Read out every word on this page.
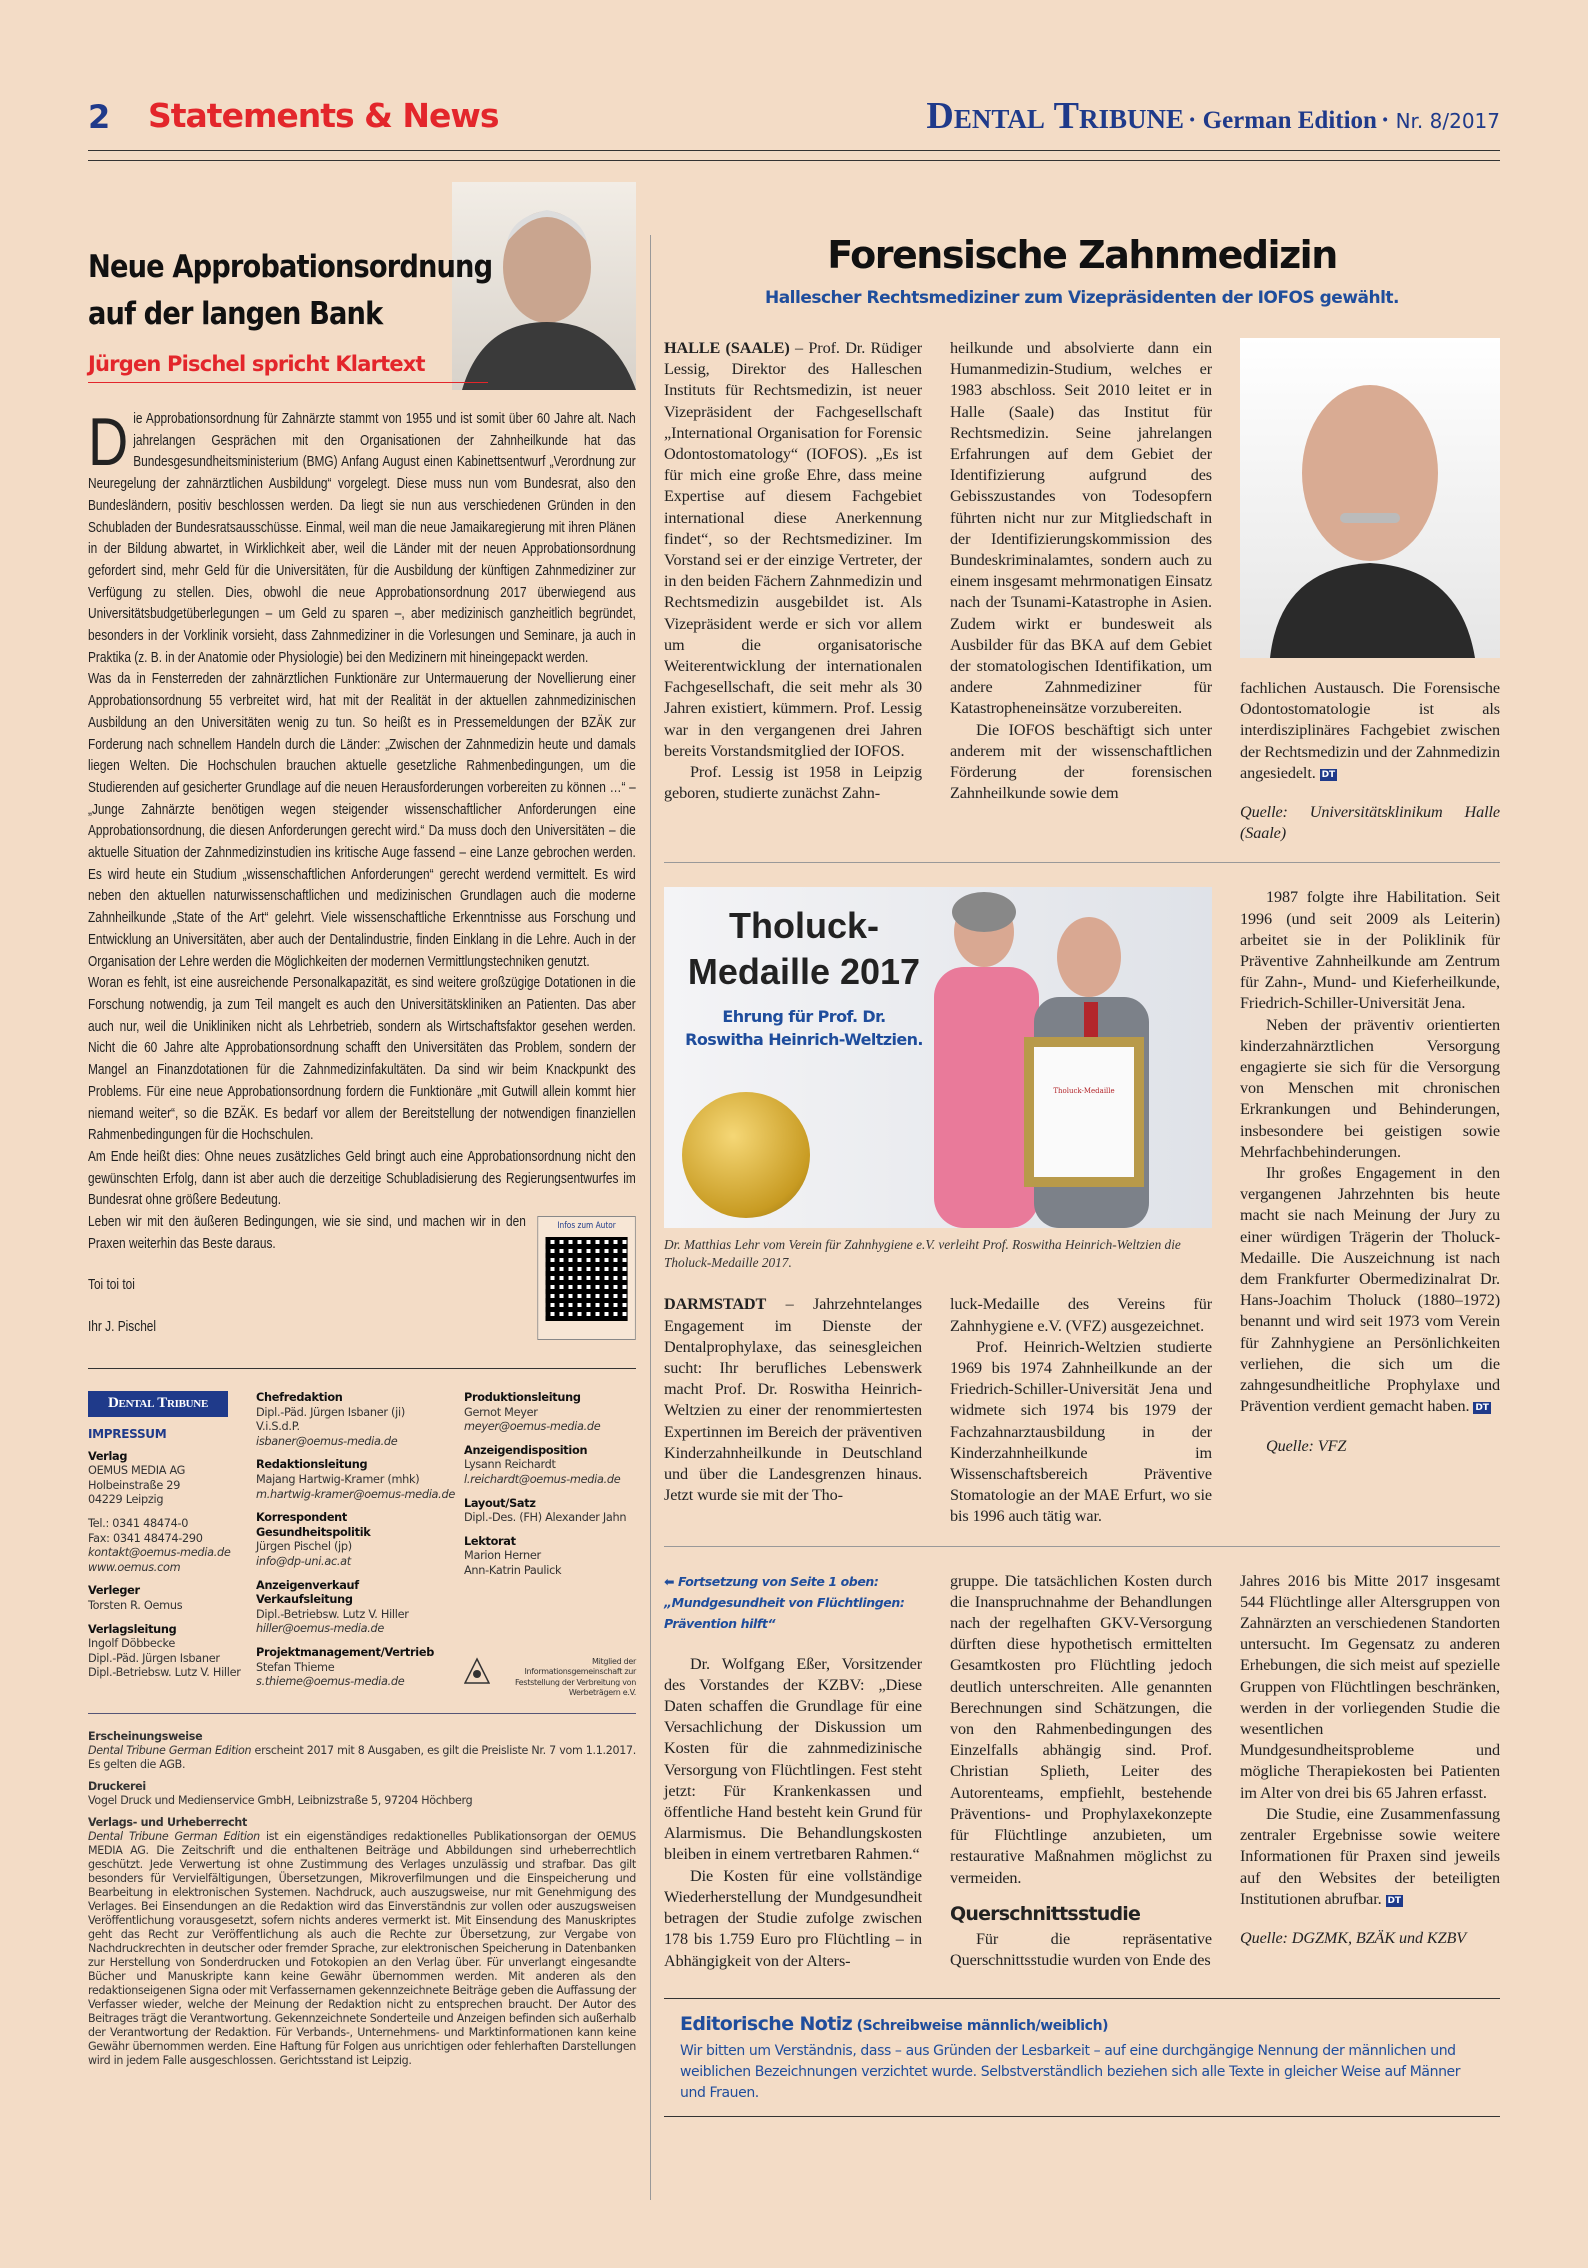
2 Statements & News	Dental Tribune · German Edition · Nr. 8/2017
Neue Approbationsordnung
auf der langen Bank
Jürgen Pischel spricht Klartext
D ie Approbationsordnung für Zahnärzte stammt von 1955 und ist somit über 60 Jahre alt. Nach jahrelangen Gesprächen mit den Organisationen der Zahnheilkunde hat das Bundesgesundheitsministerium (BMG) Anfang August einen Kabinettsentwurf „Verordnung zur Neuregelung der zahnärztlichen Ausbildung“ vorgelegt. Diese muss nun vom Bundesrat, also den Bundesländern, positiv beschlossen werden. Da liegt sie nun aus verschiedenen Gründen in den Schubladen der Bundesratsausschüsse. Einmal, weil man die neue Jamaikaregierung mit ihren Plänen in der Bildung abwartet, in Wirklichkeit aber, weil die Länder mit der neuen Approbationsordnung gefordert sind, mehr Geld für die Universitäten, für die Ausbildung der künftigen Zahnmediziner zur Verfügung zu stellen. Dies, obwohl die neue Approbationsordnung 2017 überwiegend aus Universitätsbudgetüberlegungen – um Geld zu sparen –, aber medizinisch ganzheitlich begründet, besonders in der Vorklinik vorsieht, dass Zahnmediziner in die Vorlesungen und Seminare, ja auch in Praktika (z. B. in der Anatomie oder Physiologie) bei den Medizinern mit hineingepackt werden.

Was da in Fensterreden der zahnärztlichen Funktionäre zur Untermauerung der Novellierung einer Approbationsordnung 55 verbreitet wird, hat mit der Realität in der aktuellen zahnmedizinischen Ausbildung an den Universitäten wenig zu tun. So heißt es in Pressemeldungen der BZÄK zur Forderung nach schnellem Handeln durch die Länder: „Zwischen der Zahnmedizin heute und damals liegen Welten. Die Hochschulen brauchen aktuelle gesetzliche Rahmenbedingungen, um die Studierenden auf gesicherter Grundlage auf die neuen Herausforderungen vorbereiten zu können …“ – „Junge Zahnärzte benötigen wegen steigender wissenschaftlicher Anforderungen eine Approbationsordnung, die diesen Anforderungen gerecht wird.“ Da muss doch den Universitäten – die aktuelle Situation der Zahnmedizinstudien ins kritische Auge fassend – eine Lanze gebrochen werden. Es wird heute ein Studium „wissenschaftlichen Anforderungen“ gerecht werdend vermittelt. Es wird neben den aktuellen naturwissenschaftlichen und medizinischen Grundlagen auch die moderne Zahnheilkunde „State of the Art“ gelehrt. Viele wissenschaftliche Erkenntnisse aus Forschung und Entwicklung an Universitäten, aber auch der Dentalindustrie, finden Einklang in die Lehre. Auch in der Organisation der Lehre werden die Möglichkeiten der modernen Vermittlungstechniken genutzt.

Woran es fehlt, ist eine ausreichende Personalkapazität, es sind weitere großzügige Dotationen in die Forschung notwendig, ja zum Teil mangelt es auch den Universitätskliniken an Patienten. Das aber auch nur, weil die Unikliniken nicht als Lehrbetrieb, sondern als Wirtschaftsfaktor gesehen werden. Nicht die 60 Jahre alte Approbationsordnung schafft den Universitäten das Problem, sondern der Mangel an Finanzdotationen für die Zahnmedizinfakultäten. Da sind wir beim Knackpunkt des Problems. Für eine neue Approbationsordnung fordern die Funktionäre „mit Gutwill allein kommt hier niemand weiter“, so die BZÄK. Es bedarf vor allem der Bereitstellung der notwendigen finanziellen Rahmenbedingungen für die Hochschulen.

Am Ende heißt dies: Ohne neues zusätzliches Geld bringt auch eine Approbationsordnung nicht den gewünschten Erfolg, dann ist aber auch die derzeitige Schubladisierung des Regierungsentwurfes im Bundesrat ohne größere Bedeutung.

Infos zum Autor

Leben wir mit den äußeren Bedingungen, wie sie sind, und machen wir in den Praxen weiterhin das Beste daraus.

Toi toi toi

Ihr J. Pischel

Dental Tribune
IMPRESSUM
Verlag
OEMUS MEDIA AG
Holbeinstraße 29
04229 Leipzig
Tel.: 0341 48474-0
Fax: 0341 48474-290
kontakt@oemus-media.de
www.oemus.com
Verleger
Torsten R. Oemus
Verlagsleitung
Ingolf Döbbecke
Dipl.-Päd. Jürgen Isbaner
Dipl.-Betriebsw. Lutz V. Hiller
Chefredaktion
Dipl.-Päd. Jürgen Isbaner (ji)
V.i.S.d.P.
isbaner@oemus-media.de
Redaktionsleitung
Majang Hartwig-Kramer (mhk)
m.hartwig-kramer@oemus-media.de
Korrespondent Gesundheitspolitik
Jürgen Pischel (jp)
info@dp-uni.ac.at
Anzeigenverkauf Verkaufsleitung
Dipl.-Betriebsw. Lutz V. Hiller
hiller@oemus-media.de
Projektmanagement/Vertrieb
Stefan Thieme
s.thieme@oemus-media.de
Produktionsleitung
Gernot Meyer
meyer@oemus-media.de
Anzeigendisposition
Lysann Reichardt
l.reichardt@oemus-media.de
Layout/Satz
Dipl.-Des. (FH) Alexander Jahn
Lektorat
Marion Herner
Ann-Katrin Paulick
Mitglied der Informationsgemeinschaft zur Feststellung der Verbreitung von Werbeträgern e.V.
Erscheinungsweise
Dental Tribune German Edition erscheint 2017 mit 8 Ausgaben, es gilt die Preisliste Nr. 7 vom 1.1.2017. Es gelten die AGB.
Druckerei
Vogel Druck und Medienservice GmbH, Leibnizstraße 5, 97204 Höchberg
Verlags- und Urheberrecht
Dental Tribune German Edition ist ein eigenständiges redaktionelles Publikationsorgan der OEMUS MEDIA AG. Die Zeitschrift und die enthaltenen Beiträge und Abbildungen sind urheberrechtlich geschützt. Jede Verwertung ist ohne Zustimmung des Verlages unzulässig und strafbar. Das gilt besonders für Vervielfältigungen, Übersetzungen, Mikroverfilmungen und die Einspeicherung und Bearbeitung in elektronischen Systemen. Nachdruck, auch auszugsweise, nur mit Genehmigung des Verlages. Bei Einsendungen an die Redaktion wird das Einverständnis zur vollen oder auszugsweisen Veröffentlichung vorausgesetzt, sofern nichts anderes vermerkt ist. Mit Einsendung des Manuskriptes geht das Recht zur Veröffentlichung als auch die Rechte zur Übersetzung, zur Vergabe von Nachdruckrechten in deutscher oder fremder Sprache, zur elektronischen Speicherung in Datenbanken zur Herstellung von Sonderdrucken und Fotokopien an den Verlag über. Für unverlangt eingesandte Bücher und Manuskripte kann keine Gewähr übernommen werden. Mit anderen als den redaktionseigenen Signa oder mit Verfassernamen gekennzeichnete Beiträge geben die Auffassung der Verfasser wieder, welche der Meinung der Redaktion nicht zu entsprechen braucht. Der Autor des Beitrages trägt die Verantwortung. Gekennzeichnete Sonderteile und Anzeigen befinden sich außerhalb der Verantwortung der Redaktion. Für Verbands-, Unternehmens- und Marktinformationen kann keine Gewähr übernommen werden. Eine Haftung für Folgen aus unrichtigen oder fehlerhaften Darstellungen wird in jedem Falle ausgeschlossen. Gerichtsstand ist Leipzig.
Forensische Zahnmedizin
Hallescher Rechtsmediziner zum Vizepräsidenten der IOFOS gewählt.

HALLE (SAALE) – Prof. Dr. Rüdiger Lessig, Direktor des Halleschen Instituts für Rechtsmedizin, ist neuer Vizepräsident der Fachgesellschaft „International Organisation for Forensic Odontostomatology“ (IOFOS). „Es ist für mich eine große Ehre, dass meine Expertise auf diesem Fachgebiet international diese Anerkennung findet“, so der Rechtsmediziner. Im Vorstand sei er der einzige Vertreter, der in den beiden Fächern Zahnmedizin und Rechtsmedizin ausgebildet ist. Als Vizepräsident werde er sich vor allem um die organisatorische Weiterentwicklung der internationalen Fachgesellschaft, die seit mehr als 30 Jahren existiert, kümmern. Prof. Lessig war in den vergangenen drei Jahren bereits Vorstandsmitglied der IOFOS.

Prof. Lessig ist 1958 in Leipzig geboren, studierte zunächst Zahn-

heilkunde und absolvierte dann ein Humanmedizin-Studium, welches er 1983 abschloss. Seit 2010 leitet er in Halle (Saale) das Institut für Rechtsmedizin. Seine jahrelangen Erfahrungen auf dem Gebiet der Identifizierung aufgrund des Gebisszustandes von Todesopfern führten nicht nur zur Mitgliedschaft in der Identifizierungskommission des Bundeskriminalamtes, sondern auch zu einem insgesamt mehrmonatigen Einsatz nach der Tsunami-Katastrophe in Asien. Zudem wirkt er bundesweit als Ausbilder für das BKA auf dem Gebiet der stomatologischen Identifikation, um andere Zahnmediziner für Katastropheneinsätze vorzubereiten.

Die IOFOS beschäftigt sich unter anderem mit der wissenschaftlichen Förderung der forensischen Zahnheilkunde sowie dem

fachlichen Austausch. Die Forensische Odontostomatologie ist als interdisziplinäres Fachgebiet zwischen der Rechtsmedizin und der Zahnmedizin angesiedelt. DT

Quelle: Universitätsklinikum Halle (Saale)

Tholuck-Medaille
Tholuck-
Medaille 2017
Ehrung für Prof. Dr.
Roswitha Heinrich-Weltzien.
Dr. Matthias Lehr vom Verein für Zahnhygiene e.V. verleiht Prof. Roswitha Heinrich-Weltzien die Tholuck-Medaille 2017.

DARMSTADT – Jahrzehntelanges Engagement im Dienste der Dentalprophylaxe, das seinesgleichen sucht: Ihr berufliches Lebenswerk macht Prof. Dr. Roswitha Heinrich-Weltzien zu einer der renommiertesten Expertinnen im Bereich der präventiven Kinderzahnheilkunde in Deutschland und über die Landesgrenzen hinaus. Jetzt wurde sie mit der Tho-

luck-Medaille des Vereins für Zahnhygiene e.V. (VFZ) ausgezeichnet.

Prof. Heinrich-Weltzien studierte 1969 bis 1974 Zahnheilkunde an der Friedrich-Schiller-Universität Jena und widmete sich 1974 bis 1979 der Fachzahnarztausbildung in der Kinderzahnheilkunde im Wissenschaftsbereich Präventive Stomatologie an der MAE Erfurt, wo sie bis 1996 auch tätig war.

1987 folgte ihre Habilitation. Seit 1996 (und seit 2009 als Leiterin) arbeitet sie in der Poliklinik für Präventive Zahnheilkunde am Zentrum für Zahn-, Mund- und Kieferheilkunde, Friedrich-Schiller-Universität Jena.

Neben der präventiv orientierten kinderzahnärztlichen Versorgung engagierte sie sich für die Versorgung von Menschen mit chronischen Erkrankungen und Behinderungen, insbesondere bei geistigen sowie Mehrfachbehinderungen.

Ihr großes Engagement in den vergangenen Jahrzehnten bis heute macht sie nach Meinung der Jury zu einer würdigen Trägerin der Tholuck-Medaille. Die Auszeichnung ist nach dem Frankfurter Obermedizinalrat Dr. Hans-Joachim Tholuck (1880–1972) benannt und wird seit 1973 vom Verein für Zahnhygiene an Persönlichkeiten verliehen, die sich um die zahngesundheitliche Prophylaxe und Prävention verdient gemacht haben. DT

Quelle: VFZ

⬅ Fortsetzung von Seite 1 oben:
„Mundgesundheit von Flüchtlingen: Prävention hilft“

Dr. Wolfgang Eßer, Vorsitzender des Vorstandes der KZBV: „Diese Daten schaffen die Grundlage für eine Versachlichung der Diskussion um Kosten für die zahnmedizinische Versorgung von Flüchtlingen. Fest steht jetzt: Für Krankenkassen und öffentliche Hand besteht kein Grund für Alarmismus. Die Behandlungskosten bleiben in einem vertretbaren Rahmen.“

Die Kosten für eine vollständige Wiederherstellung der Mundgesundheit betragen der Studie zufolge zwischen 178 bis 1.759 Euro pro Flüchtling – in Abhängigkeit von der Alters-

gruppe. Die tatsächlichen Kosten durch die Inanspruchnahme der Behandlungen nach der regelhaften GKV-Versorgung dürften diese hypothetisch ermittelten Gesamtkosten pro Flüchtling jedoch deutlich unterschreiten. Alle genannten Berechnungen sind Schätzungen, die von den Rahmenbedingungen des Einzelfalls abhängig sind. Prof. Christian Splieth, Leiter des Autorenteams, empfiehlt, bestehende Präventions- und Prophylaxekonzepte für Flüchtlinge anzubieten, um restaurative Maßnahmen möglichst zu vermeiden.

Querschnittsstudie

Für die repräsentative Querschnittsstudie wurden von Ende des

Jahres 2016 bis Mitte 2017 insgesamt 544 Flüchtlinge aller Altersgruppen von Zahnärzten an verschiedenen Standorten untersucht. Im Gegensatz zu anderen Erhebungen, die sich meist auf spezielle Gruppen von Flüchtlingen beschränken, werden in der vorliegenden Studie die wesentlichen Mundgesundheitsprobleme und mögliche Therapiekosten bei Patienten im Alter von drei bis 65 Jahren erfasst.

Die Studie, eine Zusammenfassung zentraler Ergebnisse sowie weitere Informationen für Praxen sind jeweils auf den Websites der beteiligten Institutionen abrufbar. DT

Quelle: DGZMK, BZÄK und KZBV

Editorische Notiz (Schreibweise männlich/weiblich)
Wir bitten um Verständnis, dass – aus Gründen der Lesbarkeit – auf eine durchgängige Nennung der männlichen und weiblichen Bezeichnungen verzichtet wurde. Selbstverständlich beziehen sich alle Texte in gleicher Weise auf Männer und Frauen.
